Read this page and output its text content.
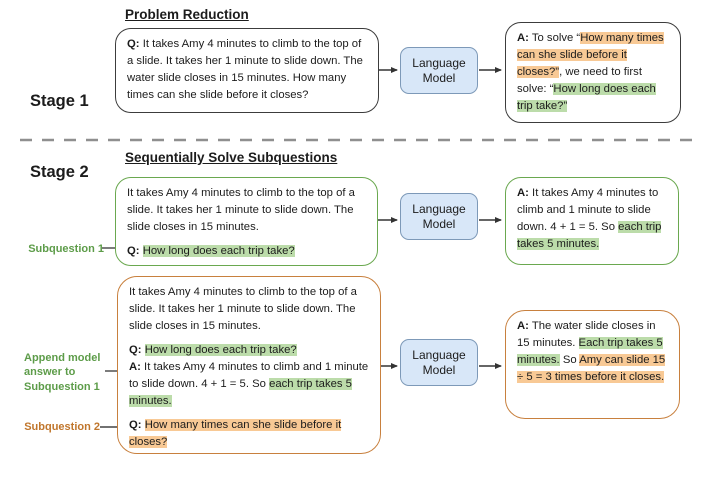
Problem Reduction
Stage 1

Q: It takes Amy 4 minutes to climb to the top of a slide. It takes her 1 minute to slide down. The water slide closes in 15 minutes. How many times can she slide before it closes?

Language Model

A: To solve “How many times can she slide before it closes?”, we need to first solve: “How long does each trip take?”

Sequentially Solve Subquestions
Stage 2

It takes Amy 4 minutes to climb to the top of a slide. It takes her 1 minute to slide down. The slide closes in 15 minutes.

Q: How long does each trip take?

Language Model

A: It takes Amy 4 minutes to climb and 1 minute to slide down. 4 + 1 = 5. So each trip takes 5 minutes.

Subquestion 1

It takes Amy 4 minutes to climb to the top of a slide. It takes her 1 minute to slide down. The slide closes in 15 minutes.

Q: How long does each trip take?

A: It takes Amy 4 minutes to climb and 1 minute to slide down. 4 + 1 = 5. So each trip takes 5 minutes.

Q: How many times can she slide before it closes?

Language Model

A: The water slide closes in 15 minutes. Each trip takes 5 minutes. So Amy can slide 15 ÷ 5 = 3 times before it closes.

Append model answer to Subquestion 1
Subquestion 2
